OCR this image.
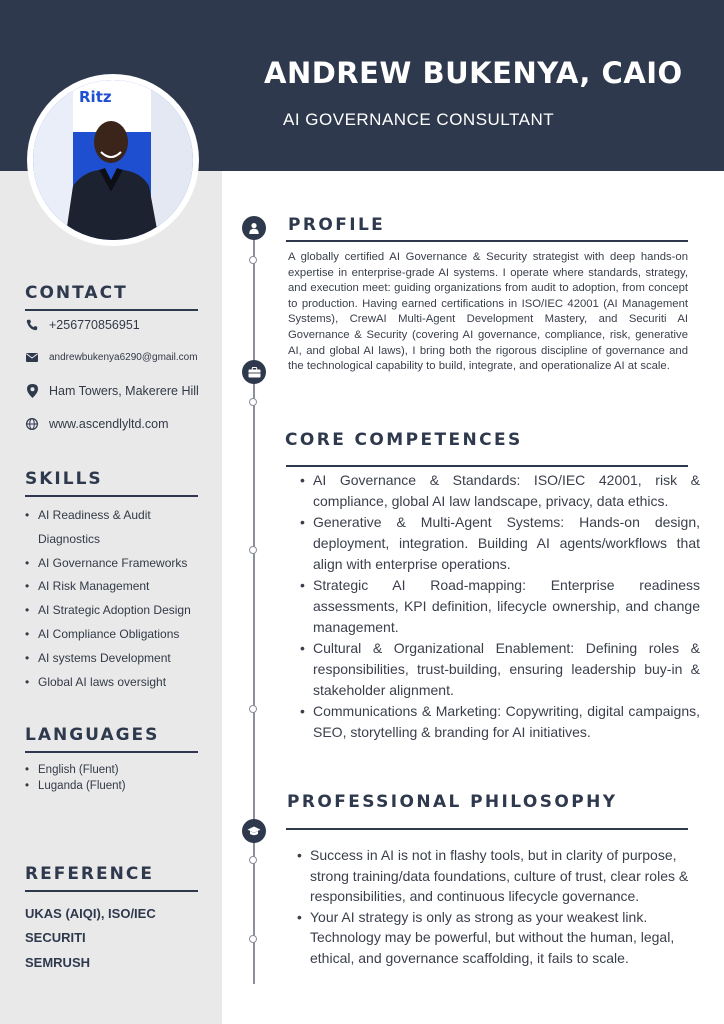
ANDREW BUKENYA, CAIO
AI GOVERNANCE CONSULTANT
Ritz
CONTACT
+256770856951
andrewbukenya6290@gmail.com
Ham Towers, Makerere Hill
www.ascendlyltd.com
SKILLS
• AI Readiness & Audit Diagnostics
• AI Governance Frameworks
• AI Risk Management
• AI Strategic Adoption Design
• AI Compliance Obligations
• AI systems Development
• Global AI laws oversight
LANGUAGES
• English (Fluent)
• Luganda (Fluent)
REFERENCE
UKAS (AIQI), ISO/IEC
SECURITI
SEMRUSH
PROFILE

A globally certified AI Governance & Security strategist with deep hands-on expertise in enterprise-grade AI systems. I operate where standards, strategy, and execution meet: guiding organizations from audit to adoption, from concept to production. Having earned certifications in ISO/IEC 42001 (AI Management Systems), CrewAI Multi-Agent Development Mastery, and Securiti AI Governance & Security (covering AI governance, compliance, risk, generative AI, and global AI laws), I bring both the rigorous discipline of governance and the technological capability to build, integrate, and operationalize AI at scale.

CORE COMPETENCES
• AI Governance & Standards: ISO/IEC 42001, risk & compliance, global AI law landscape, privacy, data ethics.
• Generative & Multi-Agent Systems: Hands-on design, deployment, integration. Building AI agents/workflows that align with enterprise operations.
• Strategic AI Road-mapping: Enterprise readiness assessments, KPI definition, lifecycle ownership, and change management.
• Cultural & Organizational Enablement: Defining roles & responsibilities, trust-building, ensuring leadership buy-in & stakeholder alignment.
• Communications & Marketing: Copywriting, digital campaigns, SEO, storytelling & branding for AI initiatives.
PROFESSIONAL PHILOSOPHY
• Success in AI is not in flashy tools, but in clarity of purpose, strong training/data foundations, culture of trust, clear roles & responsibilities, and continuous lifecycle governance.
• Your AI strategy is only as strong as your weakest link. Technology may be powerful, but without the human, legal, ethical, and governance scaffolding, it fails to scale.
